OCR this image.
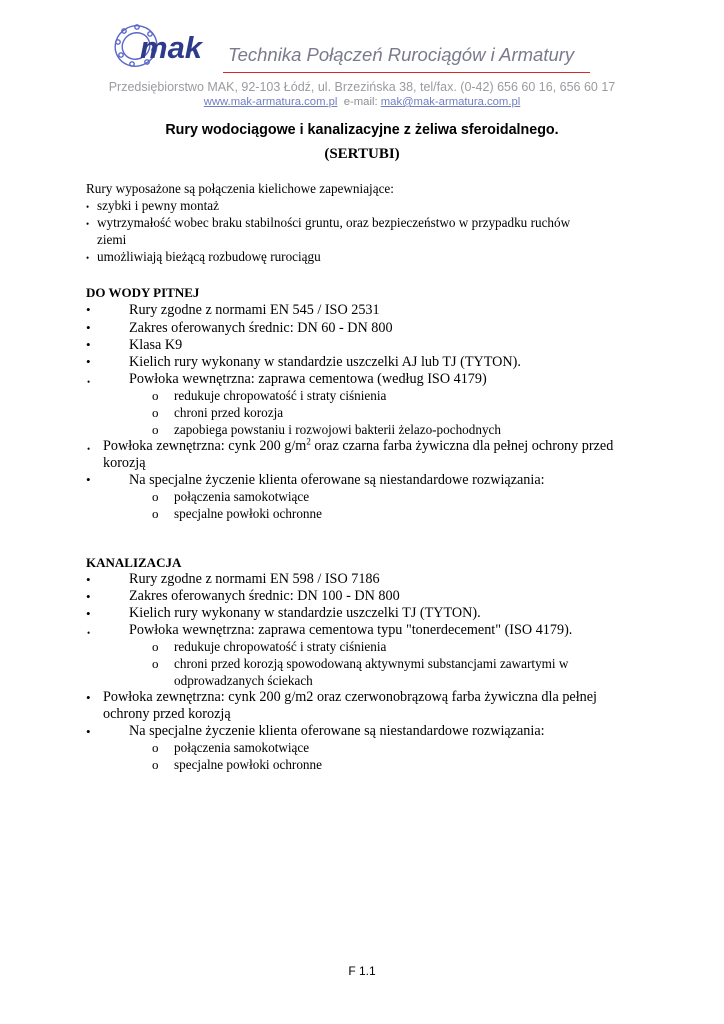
mak Technika Połączeń Rurociągów i Armatury
Przedsiębiorstwo MAK, 92-103 Łódź, ul. Brzezińska 38, tel/fax. (0-42) 656 60 16, 656 60 17
www.mak-armatura.com.pl e-mail: mak@mak-armatura.com.pl
Rury wodociągowe i kanalizacyjne z żeliwa sferoidalnego.
(SERTUBI)
Rury wyposażone są połączenia kielichowe zapewniające:
• szybki i pewny montaż
• wytrzymałość wobec braku stabilności gruntu, oraz bezpieczeństwo w przypadku ruchów
ziemi
• umożliwiają bieżącą rozbudowę rurociągu
DO WODY PITNEJ
•	Rury zgodne z normami EN 545 / ISO 2531
•	Zakres oferowanych średnic: DN 60 - DN 800
•	Klasa K9
•	Kielich rury wykonany w standardzie uszczelki AJ lub TJ (TYTON).
•	Powłoka wewnętrzna: zaprawa cementowa (według ISO 4179)
o redukuje chropowatość i straty ciśnienia
o chroni przed korozja
o zapobiega powstaniu i rozwojowi bakterii żelazo-pochodnych
• Powłoka zewnętrzna: cynk 200 $g/m^2$ oraz czarna farba żywiczna dla pełnej ochrony przed
korozją
•	Na specjalne życzenie klienta oferowane są niestandardowe rozwiązania:
o połączenia samokotwiące
o specjalne powłoki ochronne
KANALIZACJA
•	Rury zgodne z normami EN 598 / ISO 7186
•	Zakres oferowanych średnic: DN 100 - DN 800
•	Kielich rury wykonany w standardzie uszczelki TJ (TYTON).
•	Powłoka wewnętrzna: zaprawa cementowa typu "tonerdecement" (ISO 4179).
o redukuje chropowatość i straty ciśnienia
o chroni przed korozją spowodowaną aktywnymi substancjami zawartymi w
odprowadzanych ściekach
• Powłoka zewnętrzna: cynk 200 g/m2 oraz czerwonobrązową farba żywiczna dla pełnej
ochrony przed korozją
•	Na specjalne życzenie klienta oferowane są niestandardowe rozwiązania:
o połączenia samokotwiące
o specjalne powłoki ochronne
F 1.1
